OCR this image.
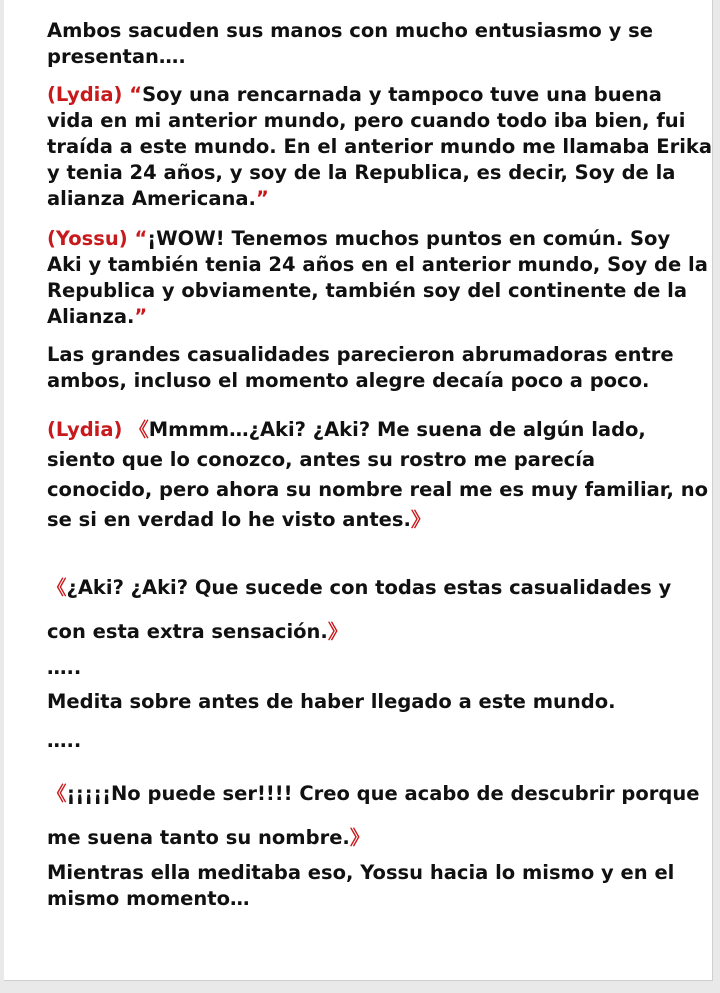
Ambos sacuden sus manos con mucho entusiasmo y se
presentan….

(Lydia) “Soy una rencarnada y tampoco tuve una buena
vida en mi anterior mundo, pero cuando todo iba bien, fui
traída a este mundo. En el anterior mundo me llamaba Erika
y tenia 24 años, y soy de la Republica, es decir, Soy de la
alianza Americana.”

(Yossu) “¡WOW! Tenemos muchos puntos en común. Soy
Aki y también tenia 24 años en el anterior mundo, Soy de la
Republica y obviamente, también soy del continente de la
Alianza.”

Las grandes casualidades parecieron abrumadoras entre
ambos, incluso el momento alegre decaía poco a poco.

(Lydia) 《Mmmm…¿Aki? ¿Aki? Me suena de algún lado,
siento que lo conozco, antes su rostro me parecía
conocido, pero ahora su nombre real me es muy familiar, no
se si en verdad lo he visto antes.》

《¿Aki? ¿Aki? Que sucede con todas estas casualidades y
con esta extra sensación.》

…..

Medita sobre antes de haber llegado a este mundo.

…..

《¡¡¡¡¡No puede ser!!!! Creo que acabo de descubrir porque
me suena tanto su nombre.》

Mientras ella meditaba eso, Yossu hacia lo mismo y en el
mismo momento…
